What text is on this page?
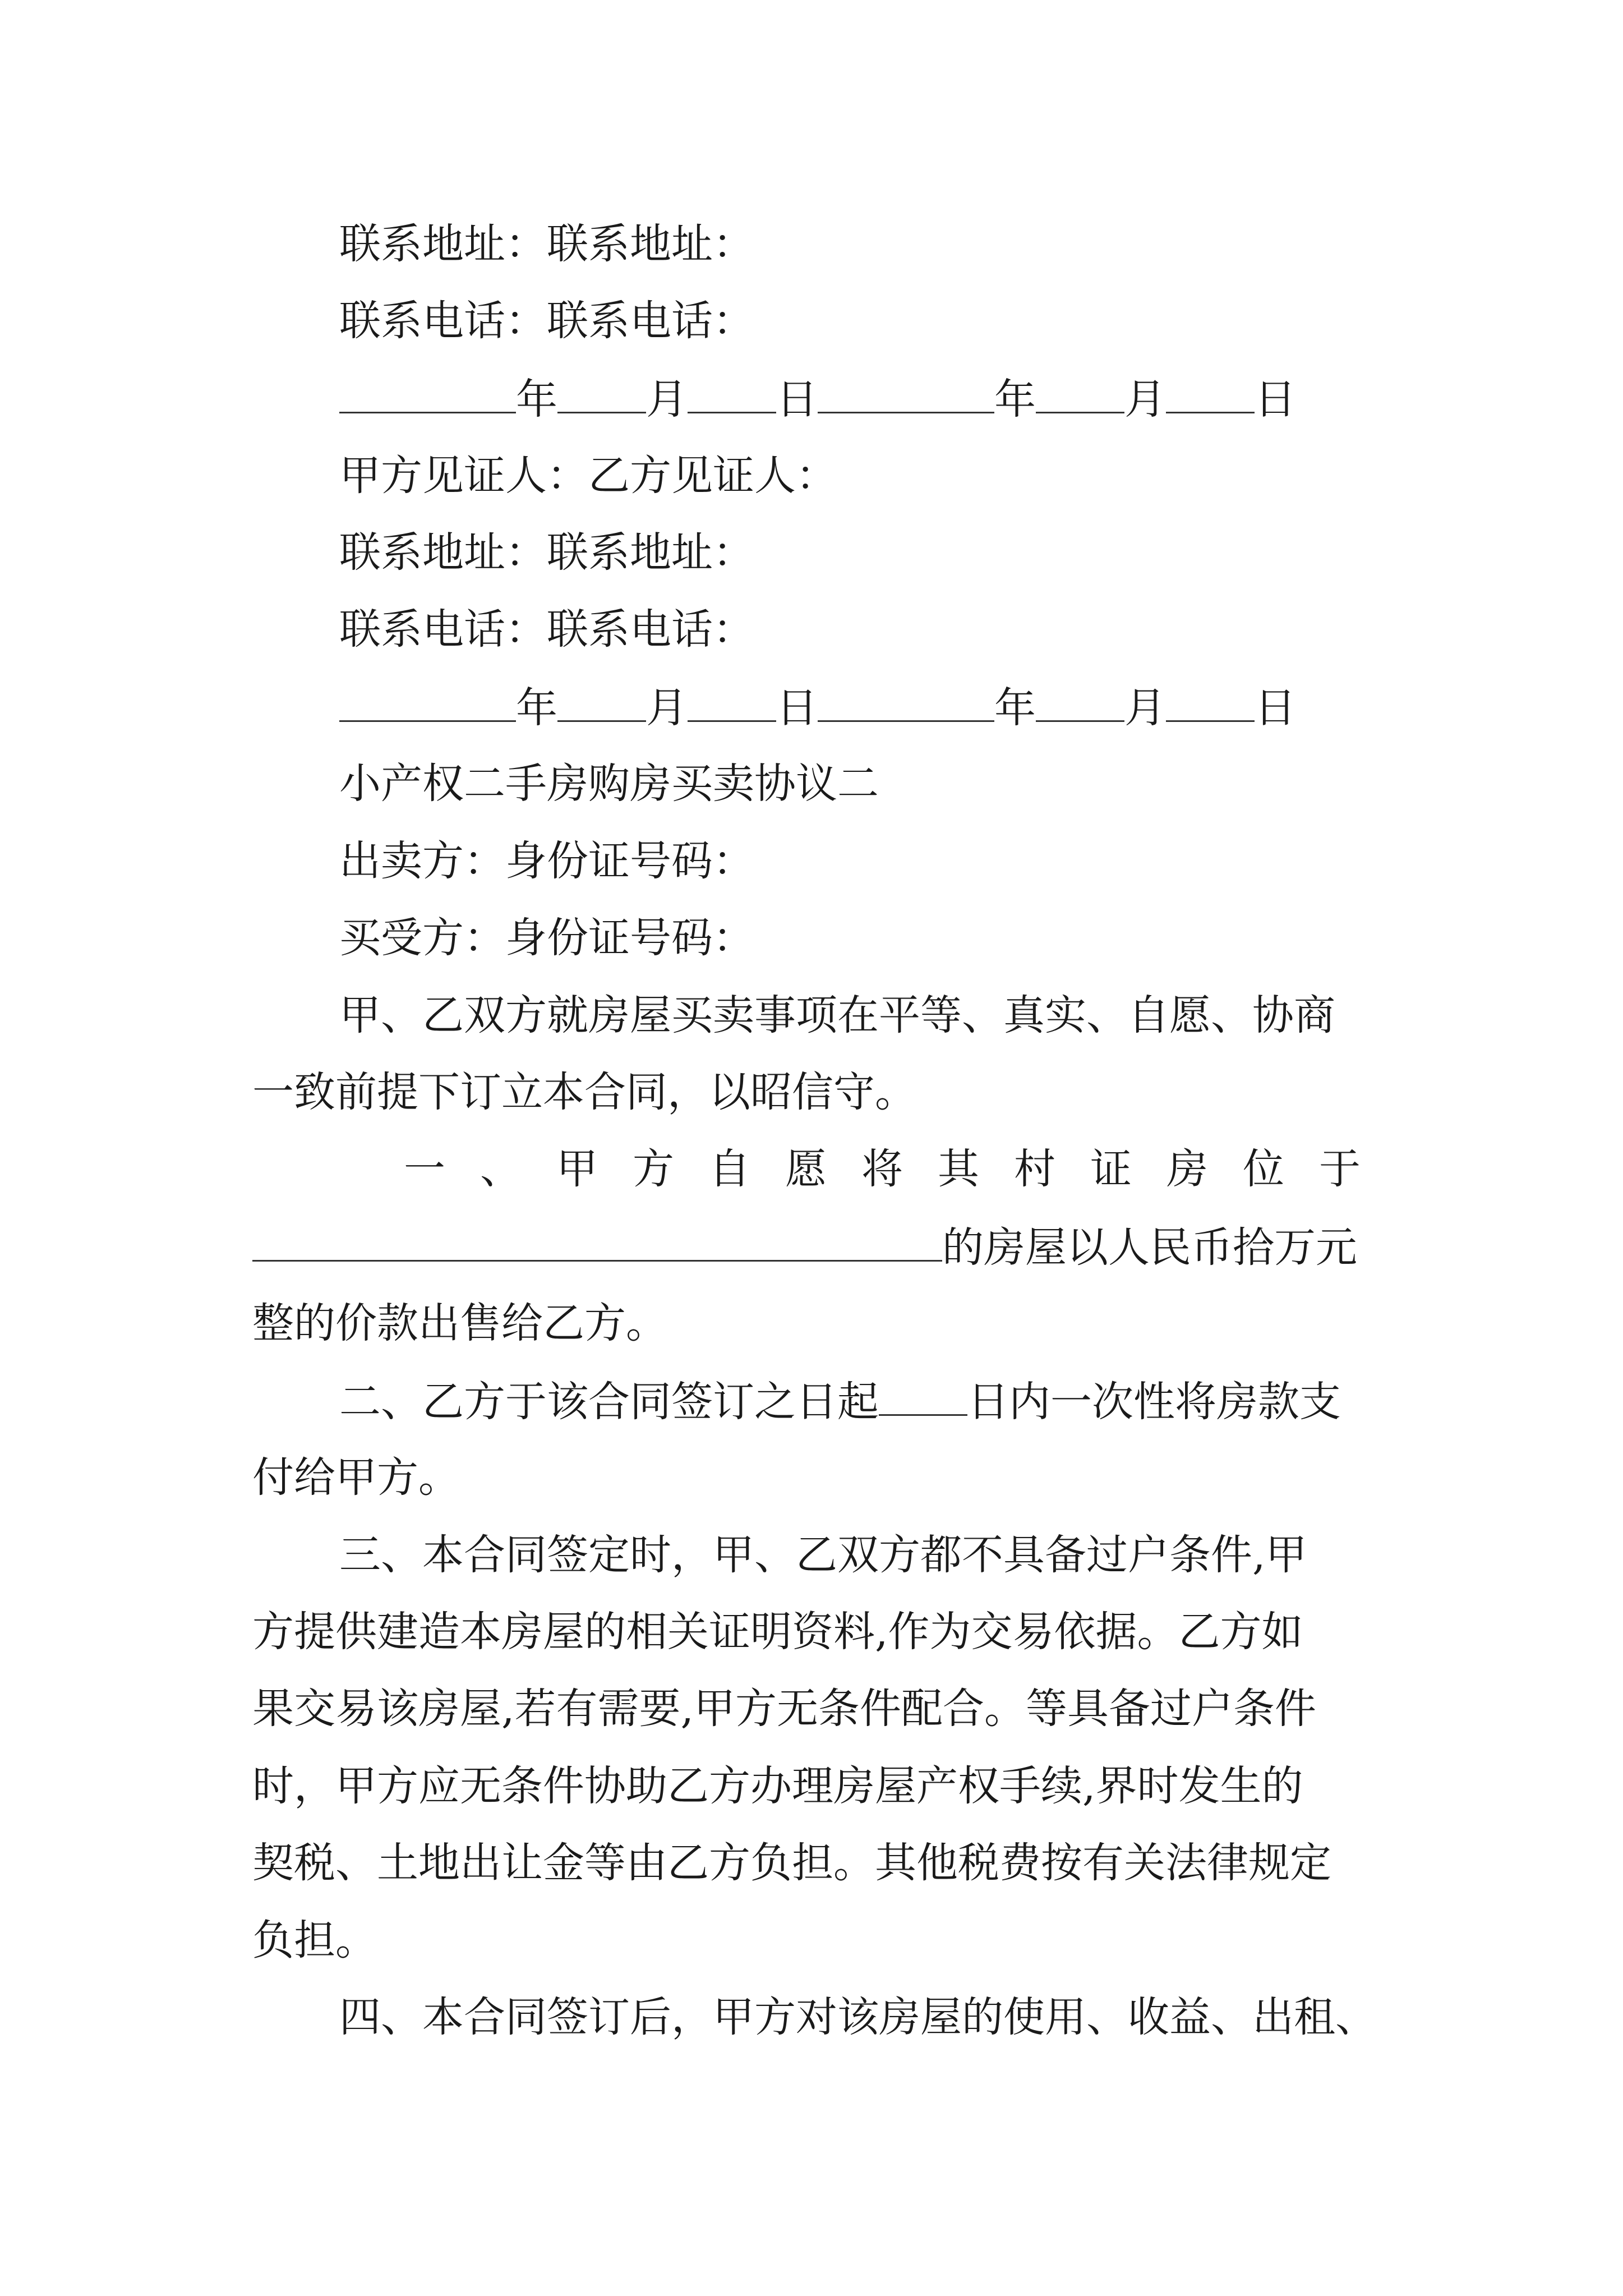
联系地址：联系地址：
联系电话：联系电话：
年 月 日	年 月 日
甲方见证人：乙方见证人：
联系地址：联系地址：
联系电话：联系电话：
年 月 日	年 月 日
小产权二手房购房买卖协议二
出卖方：身份证号码：
买受方：身份证号码：
甲、乙双方就房屋买卖事项在平等、真实、自愿、协商
一致前提下订立本合同，以昭信守。
一、甲方自愿将其村证房位于
的房屋以人民币拾万元
整的价款出售给乙方。
二、乙方于该合同签订之日起 日内一次性将房款支
付给甲方。
三、本合同签定时，甲、乙双方都不具备过户条件,甲
方提供建造本房屋的相关证明资料,作为交易依据。乙方如
果交易该房屋,若有需要,甲方无条件配合。等具备过户条件
时，甲方应无条件协助乙方办理房屋产权手续,界时发生的
契税、土地出让金等由乙方负担。其他税费按有关法律规定
负担。
四、本合同签订后，甲方对该房屋的使用、收益、出租、
